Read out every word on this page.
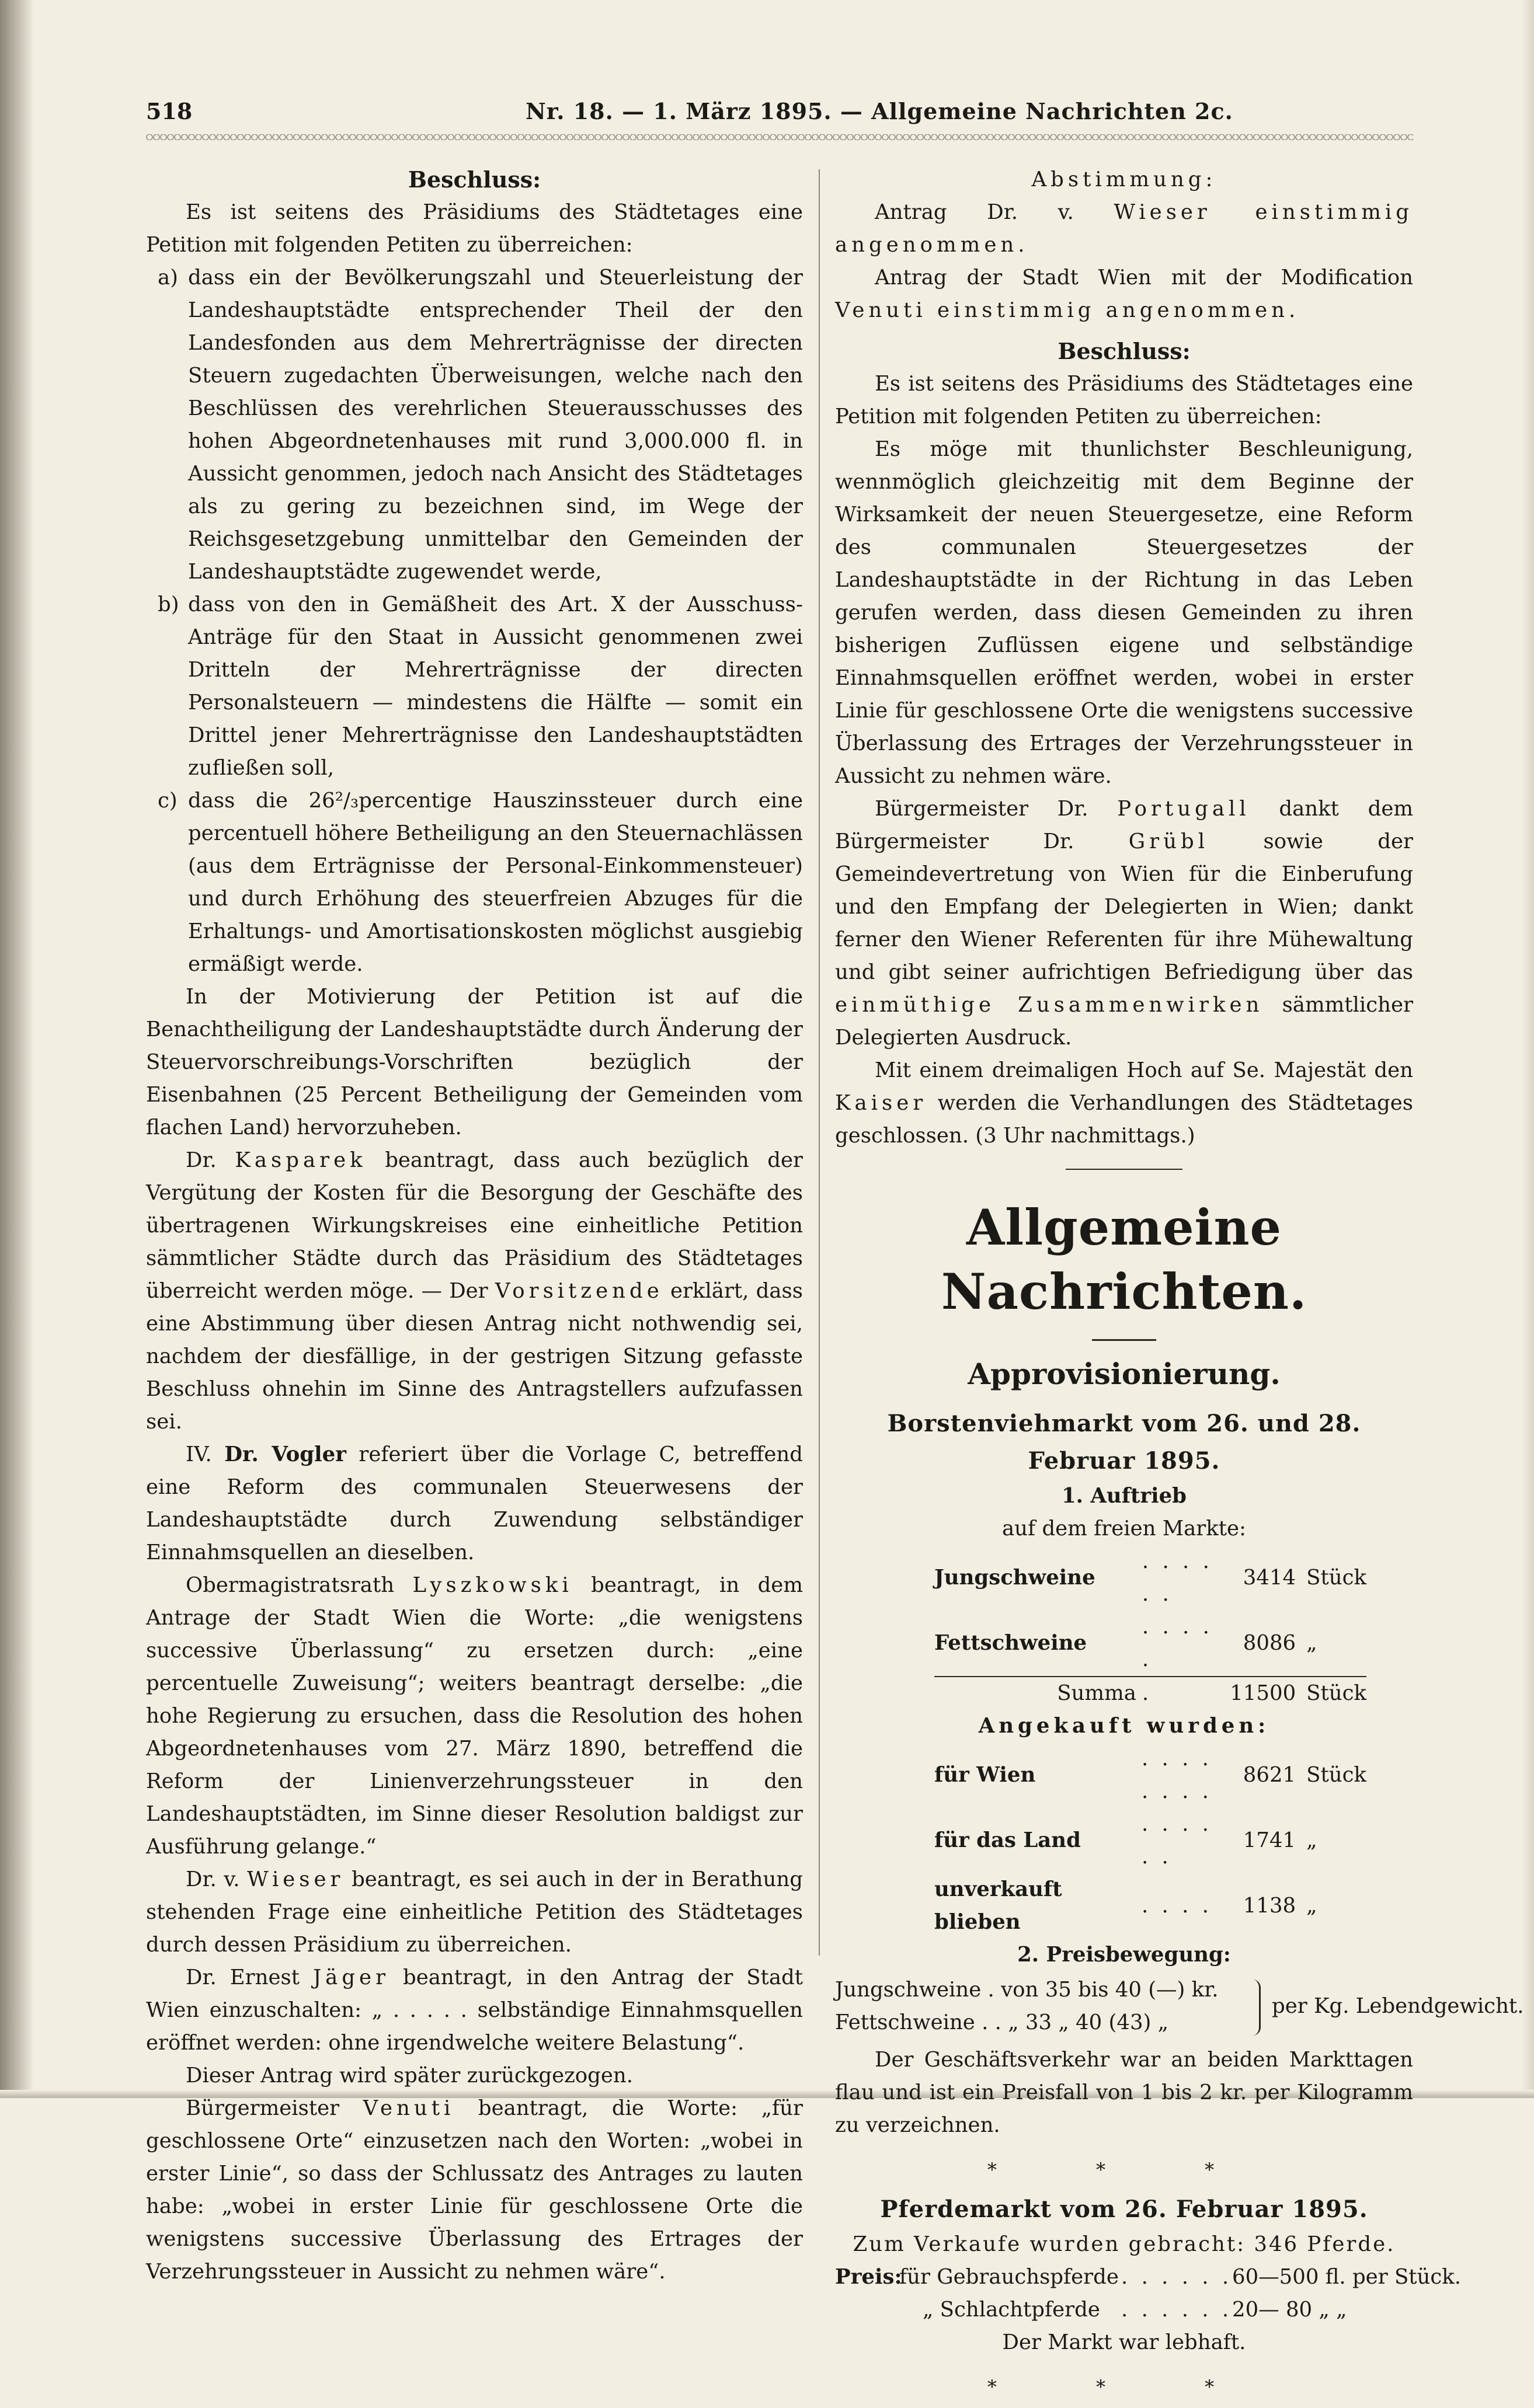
518	Nr. 18. — 1. März 1895. — Allgemeine Nachrichten 2c.
Beschluss:

Es ist seitens des Präsidiums des Städtetages eine Petition mit folgenden Petiten zu überreichen:

a) dass ein der Bevölkerungszahl und Steuerleistung der Landeshauptstädte entsprechender Theil der den Landesfonden aus dem Mehrerträgnisse der directen Steuern zugedachten Überweisungen, welche nach den Beschlüssen des verehrlichen Steuerausschusses des hohen Abgeordnetenhauses mit rund 3,000.000 fl. in Aussicht genommen, jedoch nach Ansicht des Städtetages als zu gering zu bezeichnen sind, im Wege der Reichsgesetzgebung unmittelbar den Gemeinden der Landeshauptstädte zugewendet werde,
b) dass von den in Gemäßheit des Art. X der Ausschuss-Anträge für den Staat in Aussicht genommenen zwei Dritteln der Mehrerträgnisse der directen Personalsteuern — mindestens die Hälfte — somit ein Drittel jener Mehrerträgnisse den Landeshauptstädten zufließen soll,
c) dass die 26²/₃percentige Hauszinssteuer durch eine percentuell höhere Betheiligung an den Steuernachlässen (aus dem Erträgnisse der Personal-Einkommensteuer) und durch Erhöhung des steuerfreien Abzuges für die Erhaltungs- und Amortisationskosten möglichst ausgiebig ermäßigt werde.

In der Motivierung der Petition ist auf die Benachtheiligung der Landeshauptstädte durch Änderung der Steuervorschreibungs-Vorschriften bezüglich der Eisenbahnen (25 Percent Betheiligung der Gemeinden vom flachen Land) hervorzuheben.

Dr. Kasparek beantragt, dass auch bezüglich der Vergütung der Kosten für die Besorgung der Geschäfte des übertragenen Wirkungskreises eine einheitliche Petition sämmtlicher Städte durch das Präsidium des Städtetages überreicht werden möge. — Der Vorsitzende erklärt, dass eine Abstimmung über diesen Antrag nicht nothwendig sei, nachdem der diesfällige, in der gestrigen Sitzung gefasste Beschluss ohnehin im Sinne des Antragstellers aufzufassen sei.

IV. Dr. Vogler referiert über die Vorlage C, betreffend eine Reform des communalen Steuerwesens der Landeshauptstädte durch Zuwendung selbständiger Einnahmsquellen an dieselben.

Obermagistratsrath Lyszkowski beantragt, in dem Antrage der Stadt Wien die Worte: „die wenigstens successive Überlassung“ zu ersetzen durch: „eine percentuelle Zuweisung“; weiters beantragt derselbe: „die hohe Regierung zu ersuchen, dass die Resolution des hohen Abgeordnetenhauses vom 27. März 1890, betreffend die Reform der Linienverzehrungssteuer in den Landeshauptstädten, im Sinne dieser Resolution baldigst zur Ausführung gelange.“

Dr. v. Wieser beantragt, es sei auch in der in Berathung stehenden Frage eine einheitliche Petition des Städtetages durch dessen Präsidium zu überreichen.

Dr. Ernest Jäger beantragt, in den Antrag der Stadt Wien einzuschalten: „ . . . . . selbständige Einnahmsquellen eröffnet werden: ohne irgendwelche weitere Belastung“.

Dieser Antrag wird später zurückgezogen.

Bürgermeister Venuti beantragt, die Worte: „für geschlossene Orte“ einzusetzen nach den Worten: „wobei in erster Linie“, so dass der Schlussatz des Antrages zu lauten habe: „wobei in erster Linie für geschlossene Orte die wenigstens successive Überlassung des Ertrages der Verzehrungssteuer in Aussicht zu nehmen wäre“.

Abstimmung:

Antrag Dr. v. Wieser einstimmig angenommen.

Antrag der Stadt Wien mit der Modification Venuti einstimmig angenommen.

Beschluss:

Es ist seitens des Präsidiums des Städtetages eine Petition mit folgenden Petiten zu überreichen:

Es möge mit thunlichster Beschleunigung, wennmöglich gleichzeitig mit dem Beginne der Wirksamkeit der neuen Steuergesetze, eine Reform des communalen Steuergesetzes der Landeshauptstädte in der Richtung in das Leben gerufen werden, dass diesen Gemeinden zu ihren bisherigen Zuflüssen eigene und selbständige Einnahmsquellen eröffnet werden, wobei in erster Linie für geschlossene Orte die wenigstens successive Überlassung des Ertrages der Verzehrungssteuer in Aussicht zu nehmen wäre.

Bürgermeister Dr. Portugall dankt dem Bürgermeister Dr.	Grübl	sowie der Gemeindevertretung von Wien für die Einberufung und den Empfang der Delegierten in Wien; dankt ferner den Wiener Referenten für ihre Mühewaltung und gibt seiner aufrichtigen Befriedigung über das einmüthige Zusammenwirken sämmtlicher Delegierten Ausdruck.

Mit einem dreimaligen Hoch auf Se. Majestät den Kaiser werden die Verhandlungen des Städtetages geschlossen. (3 Uhr nachmittags.)

Allgemeine Nachrichten.
Approvisionierung.
Borstenviehmarkt vom 26. und 28. Februar 1895.
1. Auftrieb
auf dem freien Markte:
Jungschweine	. . . . . .	3414	Stück
Fettschweine	. . . . .	8086	„
Summa	.	11500	Stück
Angekauft wurden:
für Wien	. . . . . . . .	8621	Stück
für das Land	. . . . . .	1741	„
unverkauft blieben	. . . .	1138	„
2. Preisbewegung:
Jungschweine . von 35 bis 40 (—) kr.
Fettschweine . . „ 33 „ 40 (43) „
per Kg. Lebendgewicht.

Der Geschäftsverkehr war an beiden Markttagen flau und ist ein Preisfall von 1 bis 2 kr. per Kilogramm zu verzeichnen.

* * *
Pferdemarkt vom 26. Februar 1895.
Zum Verkaufe wurden gebracht: 346 Pferde.
Preis:
für Gebrauchspferde . . . . . . 60—500 fl. per Stück.
„ Schlachtpferde . . . . . . 20— 80 „ „
Der Markt war lebhaft.
* * *
